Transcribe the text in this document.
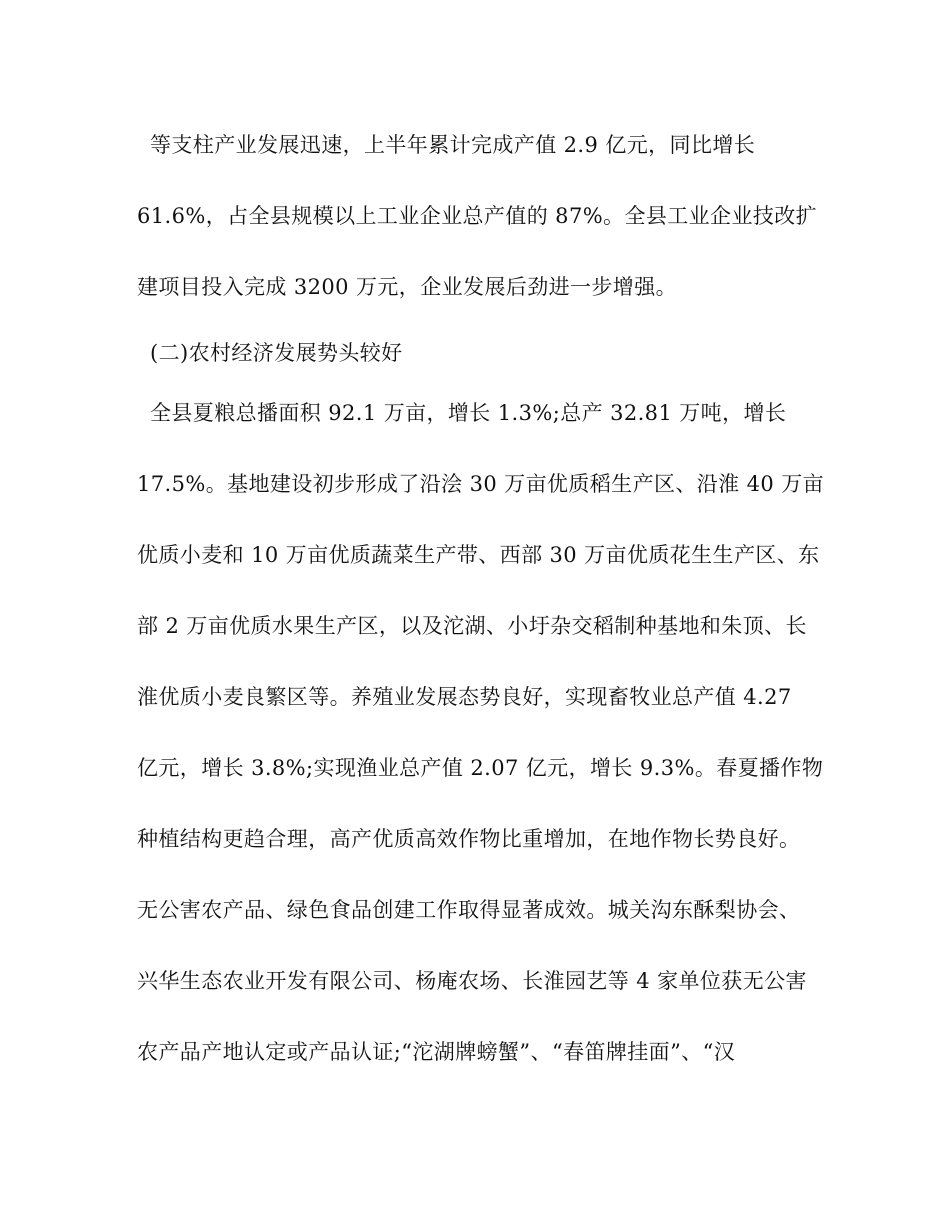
等支柱产业发展迅速，上半年累计完成产值 2.9 亿元，同比增长
61.6%，占全县规模以上工业企业总产值的 87%。全县工业企业技改扩
建项目投入完成 3200 万元，企业发展后劲进一步增强。
(二)农村经济发展势头较好
全县夏粮总播面积 92.1 万亩，增长 1.3%;总产 32.81 万吨，增长
17.5%。基地建设初步形成了沿浍 30 万亩优质稻生产区、沿淮 40 万亩
优质小麦和 10 万亩优质蔬菜生产带、西部 30 万亩优质花生生产区、东
部 2 万亩优质水果生产区，以及沱湖、小圩杂交稻制种基地和朱顶、长
淮优质小麦良繁区等。养殖业发展态势良好，实现畜牧业总产值 4.27
亿元，增长 3.8%;实现渔业总产值 2.07 亿元，增长 9.3%。春夏播作物
种植结构更趋合理，高产优质高效作物比重增加，在地作物长势良好。
无公害农产品、绿色食品创建工作取得显著成效。城关沟东酥梨协会、
兴华生态农业开发有限公司、杨庵农场、长淮园艺等 4 家单位获无公害
农产品产地认定或产品认证;“沱湖牌螃蟹”、“春笛牌挂面”、“汉
